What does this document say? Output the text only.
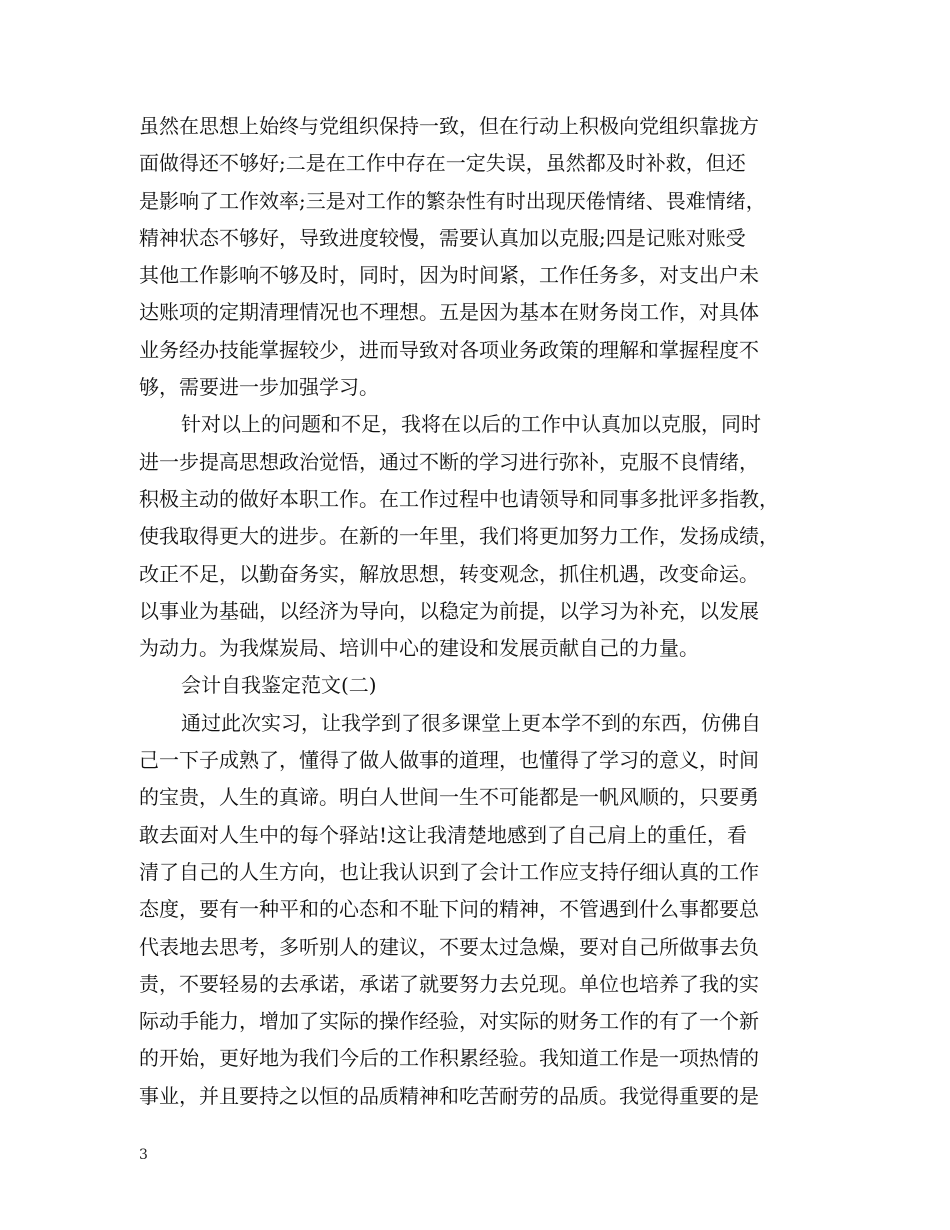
虽然在思想上始终与党组织保持一致，但在行动上积极向党组织靠拢方
面做得还不够好;二是在工作中存在一定失误，虽然都及时补救，但还
是影响了工作效率;三是对工作的繁杂性有时出现厌倦情绪、畏难情绪，
精神状态不够好，导致进度较慢，需要认真加以克服;四是记账对账受
其他工作影响不够及时，同时，因为时间紧，工作任务多，对支出户未
达账项的定期清理情况也不理想。五是因为基本在财务岗工作，对具体
业务经办技能掌握较少，进而导致对各项业务政策的理解和掌握程度不
够，需要进一步加强学习。
针对以上的问题和不足，我将在以后的工作中认真加以克服，同时
进一步提高思想政治觉悟，通过不断的学习进行弥补，克服不良情绪，
积极主动的做好本职工作。在工作过程中也请领导和同事多批评多指教，
使我取得更大的进步。在新的一年里，我们将更加努力工作，发扬成绩，
改正不足，以勤奋务实，解放思想，转变观念，抓住机遇，改变命运。
以事业为基础，以经济为导向，以稳定为前提，以学习为补充，以发展
为动力。为我煤炭局、培训中心的建设和发展贡献自己的力量。
会计自我鉴定范文(二)
通过此次实习，让我学到了很多课堂上更本学不到的东西，仿佛自
己一下子成熟了，懂得了做人做事的道理，也懂得了学习的意义，时间
的宝贵，人生的真谛。明白人世间一生不可能都是一帆风顺的，只要勇
敢去面对人生中的每个驿站!这让我清楚地感到了自己肩上的重任，看
清了自己的人生方向，也让我认识到了会计工作应支持仔细认真的工作
态度，要有一种平和的心态和不耻下问的精神，不管遇到什么事都要总
代表地去思考，多听别人的建议，不要太过急燥，要对自己所做事去负
责，不要轻易的去承诺，承诺了就要努力去兑现。单位也培养了我的实
际动手能力，增加了实际的操作经验，对实际的财务工作的有了一个新
的开始，更好地为我们今后的工作积累经验。我知道工作是一项热情的
事业，并且要持之以恒的品质精神和吃苦耐劳的品质。我觉得重要的是
3
